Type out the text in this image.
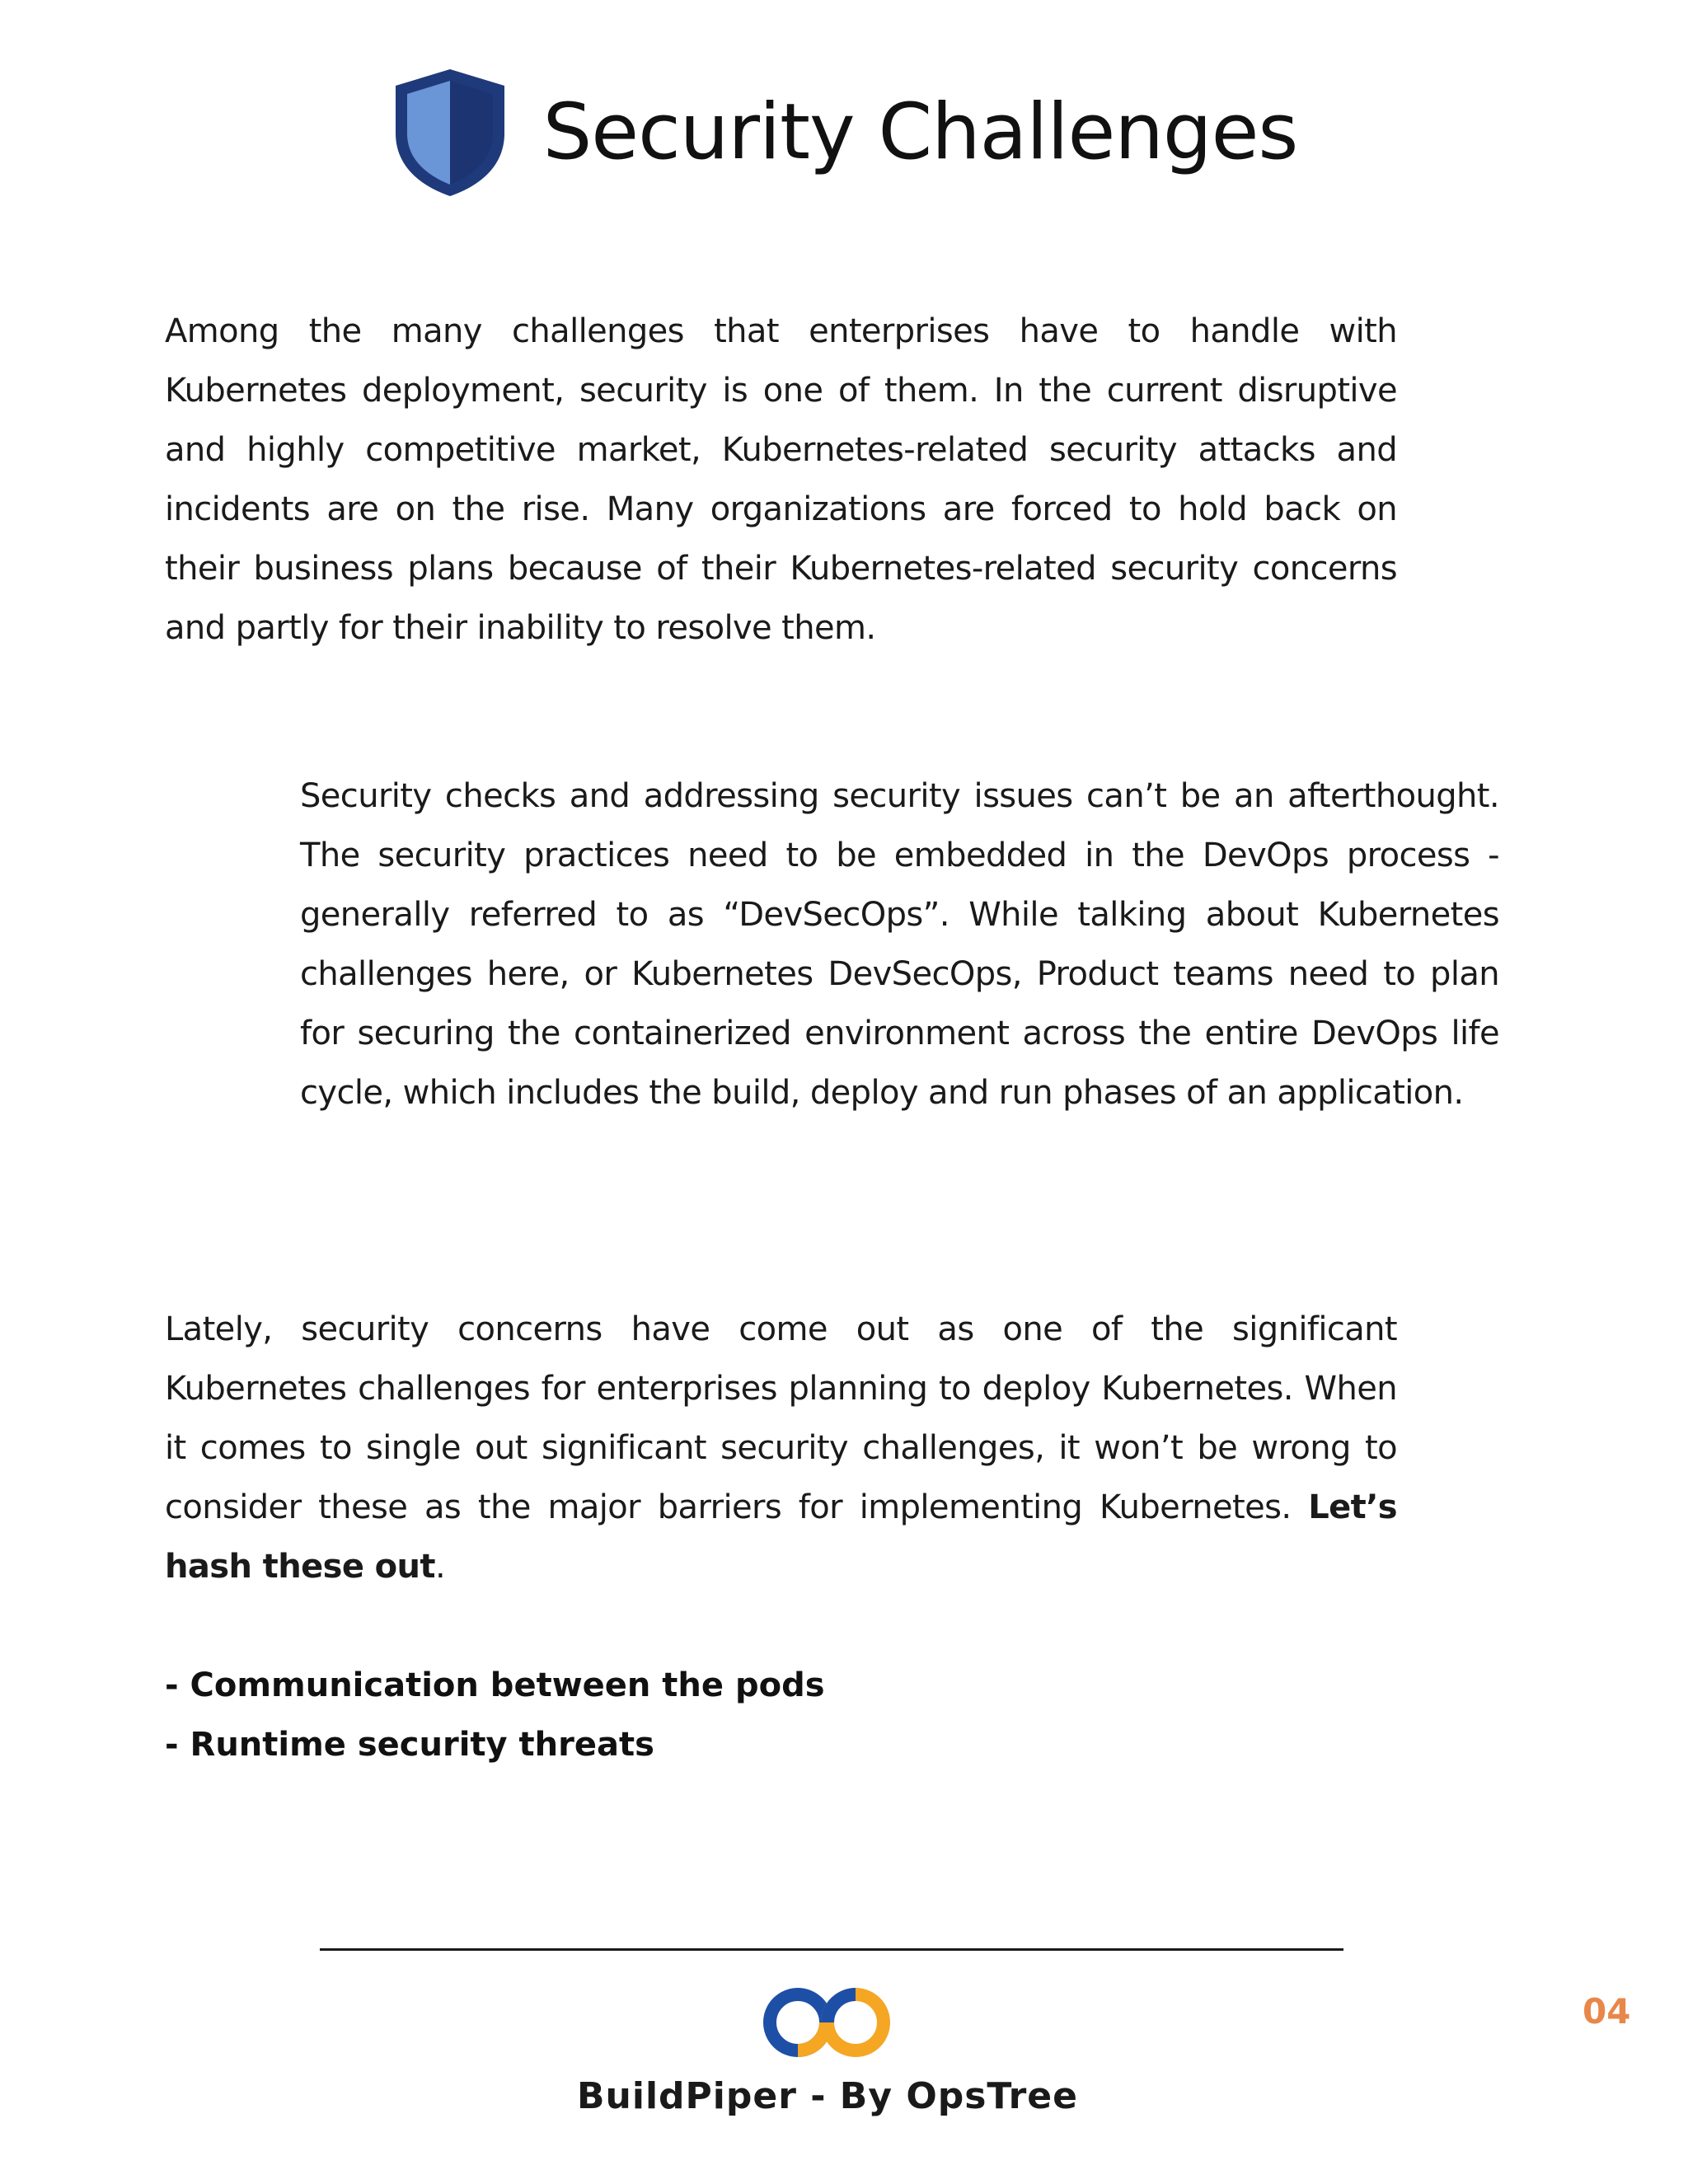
Security Challenges

Among the many challenges that enterprises have to handle with Kubernetes deployment, security is one of them. In the current disruptive and highly competitive market, Kubernetes-related security attacks and incidents are on the rise. Many organizations are forced to hold back on their business plans because of their Kubernetes-related security concerns and partly for their inability to resolve them.

Security checks and addressing security issues can’t be an afterthought. The security practices need to be embedded in the DevOps process - generally referred to as “DevSecOps”. While talking about Kubernetes challenges here, or Kubernetes DevSecOps, Product teams need to plan for securing the containerized environment across the entire DevOps life cycle, which includes the build, deploy and run phases of an application.

Lately, security concerns have come out as one of the significant Kubernetes challenges for enterprises planning to deploy Kubernetes. When it comes to single out significant security challenges, it won’t be wrong to consider these as the major barriers for implementing Kubernetes. Let’s hash these out.

- Communication between the pods
- Runtime security threats
BuildPiper - By OpsTree
04
